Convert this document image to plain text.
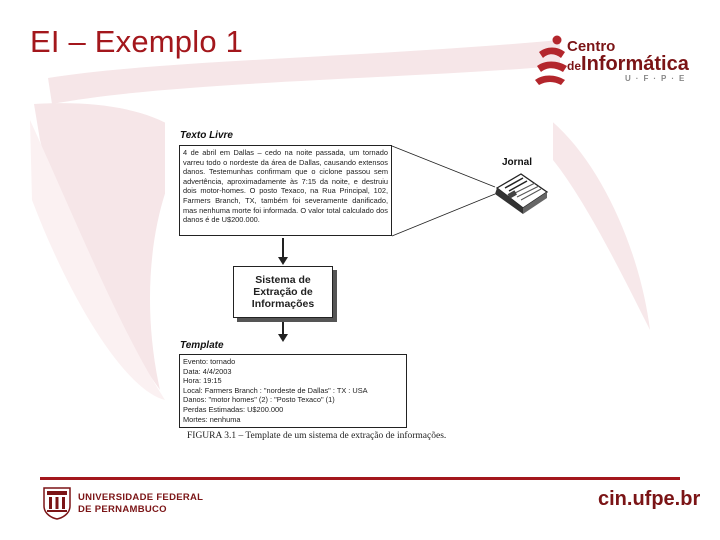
EI – Exemplo 1	Centro
deInformática
U·F·P·E
Texto Livre
4 de abril em Dallas – cedo na noite passada, um tornado varreu todo o nordeste da área de Dallas, causando extensos danos. Testemunhas confirmam que o ciclone passou sem advertência, aproximadamente às 7:15 da noite, e destruiu dois motor-homes. O posto Texaco, na Rua Principal, 102, Farmers Branch, TX, também foi severamente danificado, mas nenhuma morte foi informada. O valor total calculado dos danos é de U$200.000.
Jornal
Sistema de Extração de Informações
Template
Evento: tornado
Data: 4/4/2003
Hora: 19:15
Local: Farmers Branch : "nordeste de Dallas" : TX : USA
Danos: "motor homes" (2) : "Posto Texaco" (1)
Perdas Estimadas: U$200.000
Mortes: nenhuma
FIGURA 3.1 – Template de um sistema de extração de informações.
UNIVERSIDADE FEDERAL
DE PERNAMBUCO	cin.ufpe.br
